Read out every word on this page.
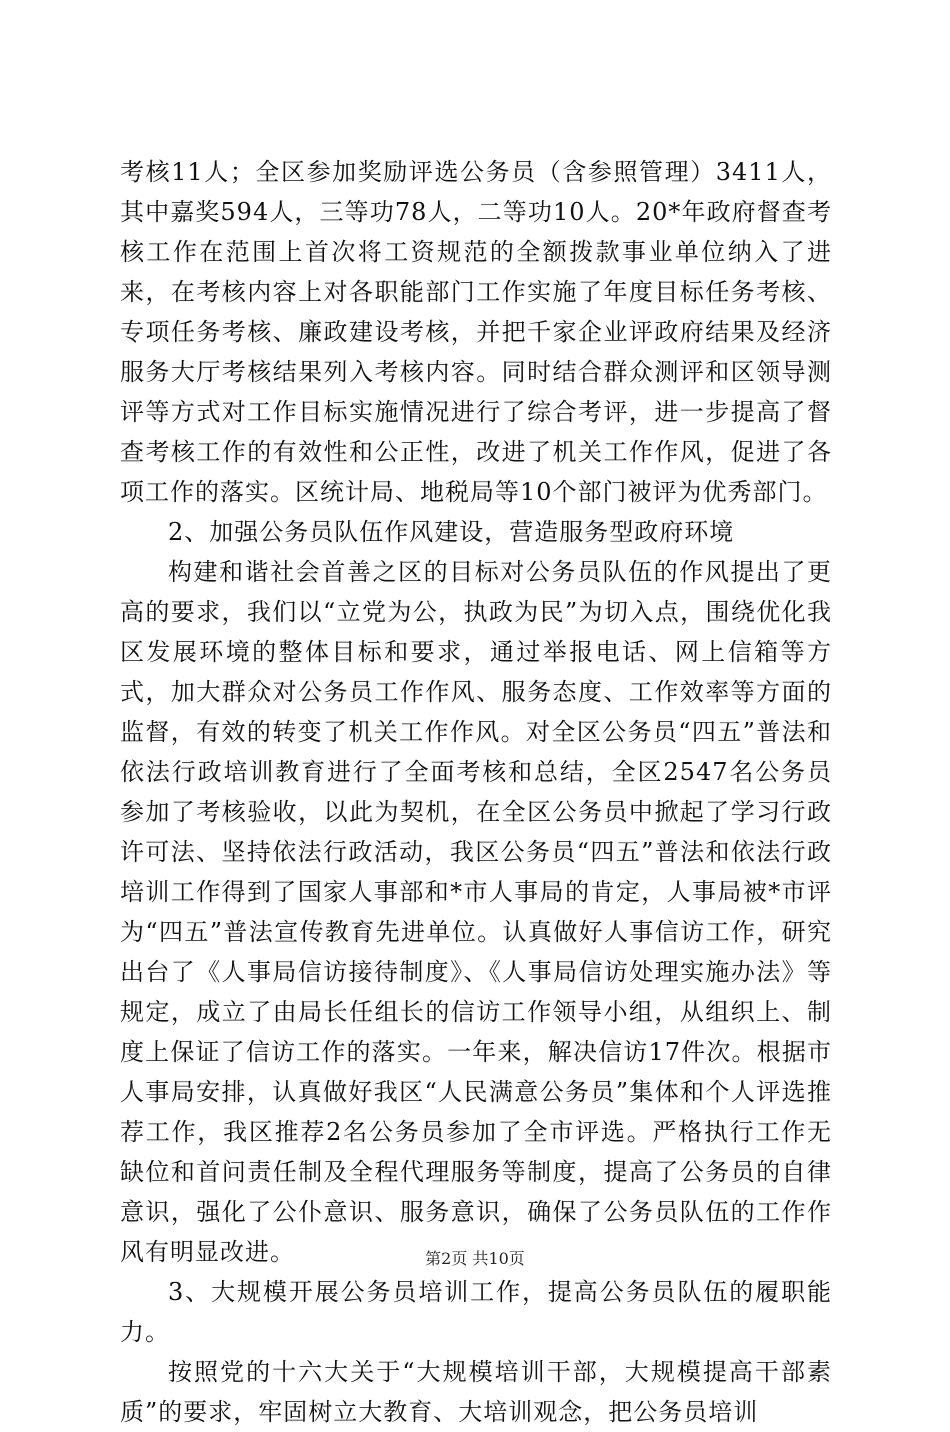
考核11人；全区参加奖励评选公务员（含参照管理）3411人，其中嘉奖594人，三等功78人，二等功10人。20*年政府督查考核工作在范围上首次将工资规范的全额拨款事业单位纳入了进来，在考核内容上对各职能部门工作实施了年度目标任务考核、专项任务考核、廉政建设考核，并把千家企业评政府结果及经济服务大厅考核结果列入考核内容。同时结合群众测评和区领导测评等方式对工作目标实施情况进行了综合考评，进一步提高了督查考核工作的有效性和公正性，改进了机关工作作风，促进了各项工作的落实。区统计局、地税局等10个部门被评为优秀部门。

2、加强公务员队伍作风建设，营造服务型政府环境

构建和谐社会首善之区的目标对公务员队伍的作风提出了更高的要求，我们以“立党为公，执政为民”为切入点，围绕优化我区发展环境的整体目标和要求，通过举报电话、网上信箱等方式，加大群众对公务员工作作风、服务态度、工作效率等方面的监督，有效的转变了机关工作作风。对全区公务员“四五”普法和依法行政培训教育进行了全面考核和总结，全区2547名公务员参加了考核验收，以此为契机，在全区公务员中掀起了学习行政许可法、坚持依法行政活动，我区公务员“四五”普法和依法行政培训工作得到了国家人事部和*市人事局的肯定，人事局被*市评为“四五”普法宣传教育先进单位。认真做好人事信访工作，研究出台了《人事局信访接待制度》、《人事局信访处理实施办法》等规定，成立了由局长任组长的信访工作领导小组，从组织上、制度上保证了信访工作的落实。一年来，解决信访17件次。根据市人事局安排，认真做好我区“人民满意公务员”集体和个人评选推荐工作，我区推荐2名公务员参加了全市评选。严格执行工作无缺位和首问责任制及全程代理服务等制度，提高了公务员的自律意识，强化了公仆意识、服务意识，确保了公务员队伍的工作作风有明显改进。

3、大规模开展公务员培训工作，提高公务员队伍的履职能力。

按照党的十六大关于“大规模培训干部，大规模提高干部素质”的要求，牢固树立大教育、大培训观念，把公务员培训

第2页 共10页
